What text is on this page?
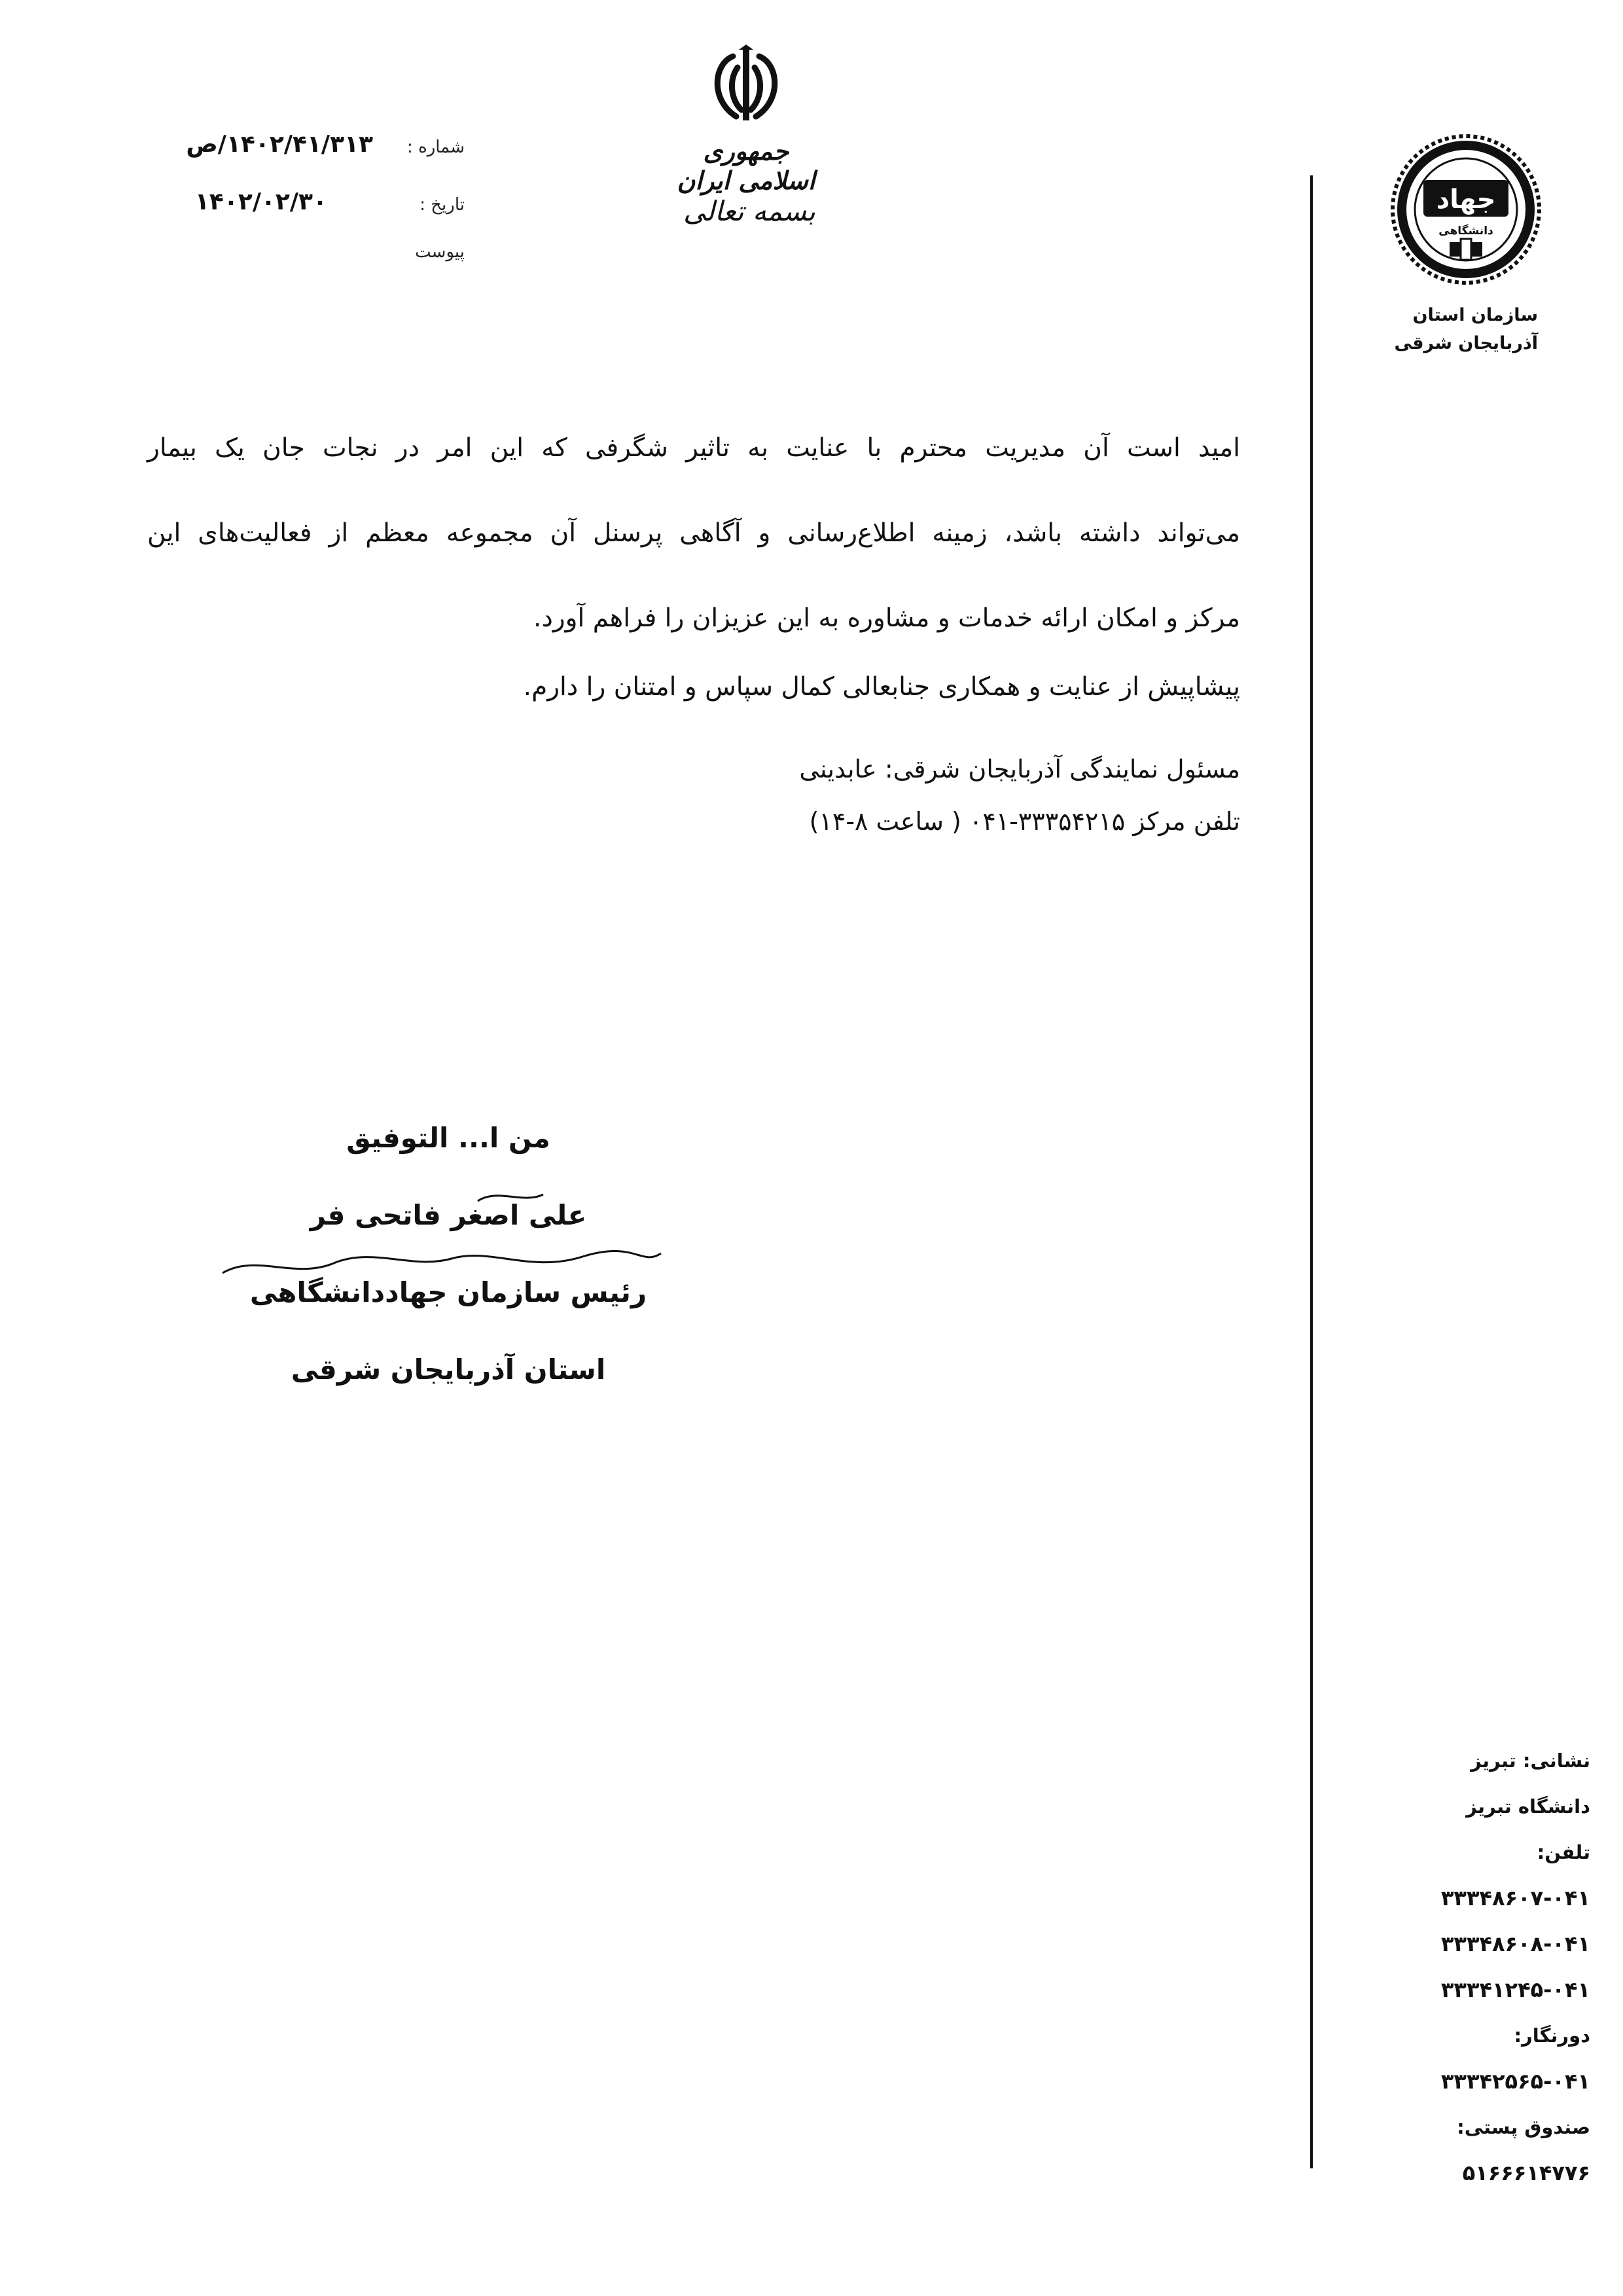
جمهوری اسلامی ایران
بسمه تعالی
شماره :
۱۴۰۲/۴۱/۳۱۳/ص
تاریخ :
۱۴۰۲/۰۲/۳۰
پیوست
جهاد
دانشگاهی
سازمان استان
آذربایجان شرقی

امید است آن مدیریت محترم با عنایت به تاثیر شگرفی که این امر در نجات جان یک بیمار

می‌تواند داشته باشد، زمینه اطلاع‌رسانی و آگاهی پرسنل آن مجموعه معظم از فعالیت‌های این

مرکز و امکان ارائه خدمات و مشاوره به این عزیزان را فراهم آورد.

پیشاپیش از عنایت و همکاری جنابعالی کمال سپاس و امتنان را دارم.
مسئول نمایندگی آذربایجان شرقی: عابدینی
تلفن مرکز ۳۳۳۵۴۲۱۵-۰۴۱ ( ساعت ۸-۱۴)
من ا... التوفیق
علی اصغر فاتحی فر
رئیس سازمان جهاددانشگاهی
استان آذربایجان شرقی
نشانی: تبریز
دانشگاه تبریز
تلفن:
۳۳۳۴۸۶۰۷-۰۴۱
۳۳۳۴۸۶۰۸-۰۴۱
۳۳۳۴۱۲۴۵-۰۴۱
دورنگار:
۳۳۳۴۲۵۶۵-۰۴۱
صندوق پستی:
۵۱۶۶۶۱۴۷۷۶
